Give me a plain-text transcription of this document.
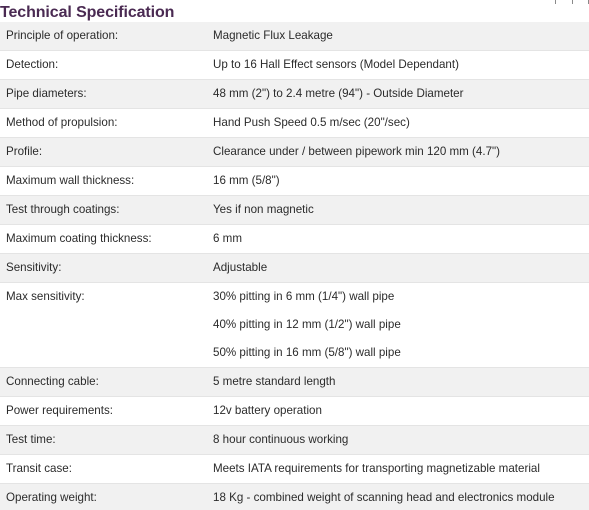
Technical Specification
Principle of operation:	Magnetic Flux Leakage

Detection:	Up to 16 Hall Effect sensors (Model Dependant)

Pipe diameters:	48 mm (2") to 2.4 metre (94") - Outside Diameter

Method of propulsion:	Hand Push Speed 0.5 m/sec (20"/sec)

Profile:	Clearance under / between pipework min 120 mm (4.7")

Maximum wall thickness:	16 mm (5/8")

Test through coatings:	Yes if non magnetic

Maximum coating thickness:	6 mm

Sensitivity:	Adjustable

Max sensitivity:	30% pitting in 6 mm (1/4") wall pipe
40% pitting in 12 mm (1/2") wall pipe
50% pitting in 16 mm (5/8") wall pipe

Connecting cable:	5 metre standard length

Power requirements:	12v battery operation

Test time:	8 hour continuous working

Transit case:	Meets IATA requirements for transporting magnetizable material

Operating weight:	18 Kg - combined weight of scanning head and electronics module
